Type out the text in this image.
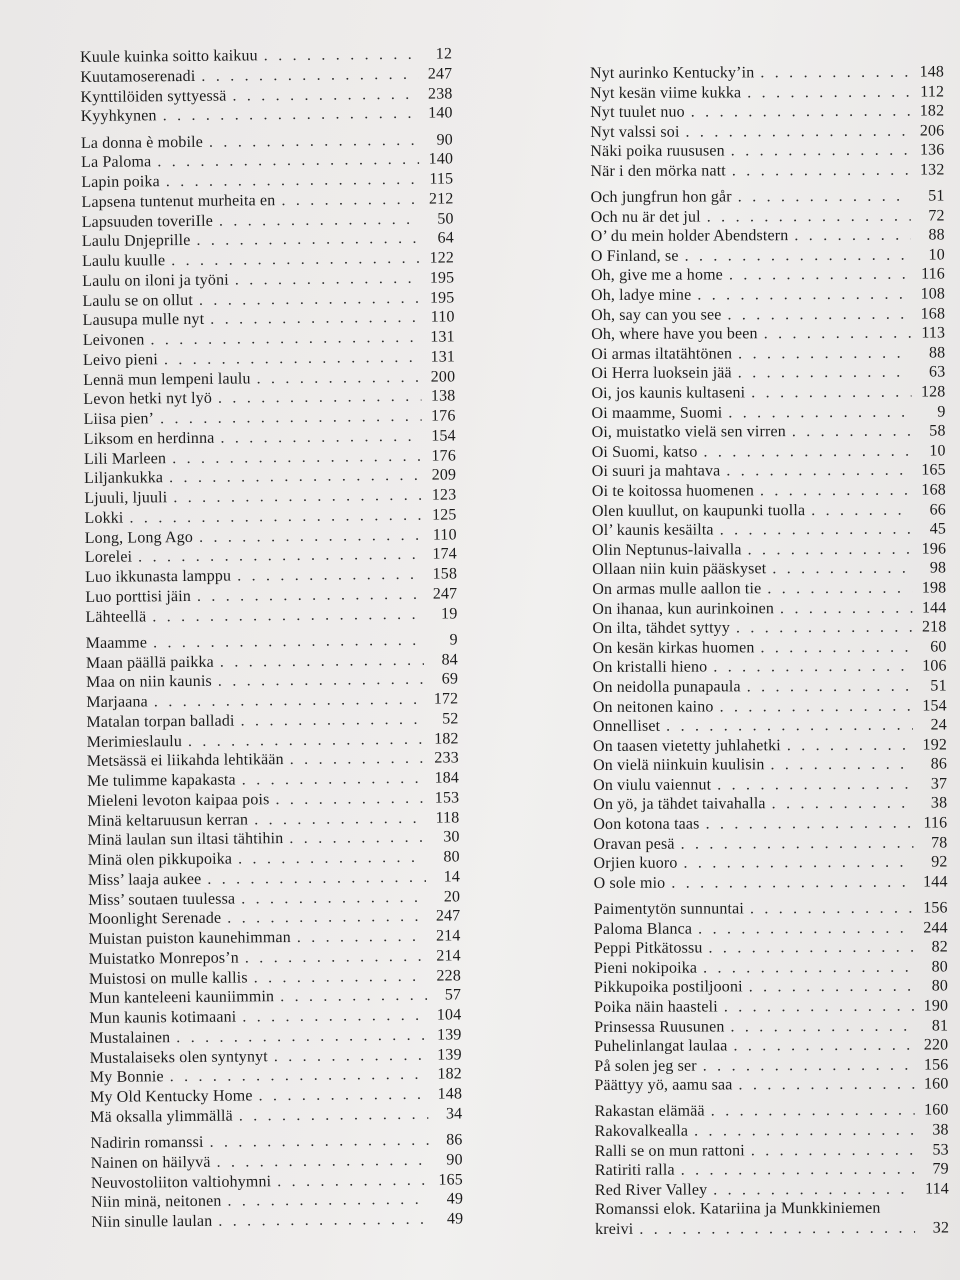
Kuule kuinka soitto kaikuu . . .	12
Kuutamoserenadi . . .	247
Kynttilöiden syttyessä . . .	238
Kyyhkynen . . .	140
La donna è mobile . . .	90
La Paloma . . .	140
Lapin poika . . .	115
Lapsena tuntenut murheita en . . .	212
Lapsuuden toveriIle . . .	50
Laulu Dnjeprille . . .	64
Laulu kuulle . . .	122
Laulu on iloni ja työni . . .	195
Laulu se on ollut . . .	195
Lausupa mulle nyt . . .	110
Leivonen . . .	131
Leivo pieni . . .	131
Lennä mun lempeni laulu . . .	200
Levon hetki nyt lyö . . .	138
Liisa pien’ . . .	176
Liksom en herdinna . . .	154
Lili Marleen . . .	176
Liljankukka . . .	209
Ljuuli, ljuuli . . .	123
Lokki . . .	125
Long, Long Ago . . .	110
Lorelei . . .	174
Luo ikkunasta lamppu . . .	158
Luo porttisi jäin . . .	247
Lähteellä . . .	19
Maamme . . .	9
Maan päällä paikka . . .	84
Maa on niin kaunis . . .	69
Marjaana . . .	172
Matalan torpan balladi . . .	52
Merimieslaulu . . .	182
Metsässä ei liikahda lehtikään . . .	233
Me tulimme kapakasta . . .	184
Mieleni levoton kaipaa pois . . .	153
Minä keltaruusun kerran . . .	118
Minä laulan sun iltasi tähtihin . . .	30
Minä olen pikkupoika . . .	80
Miss’ laaja aukee . . .	14
Miss’ soutaen tuulessa . . .	20
Moonlight Serenade . . .	247
Muistan puiston kaunehimman . . .	214
Muistatko Monrepos’n . . .	214
Muistosi on mulle kallis . . .	228
Mun kanteleeni kauniimmin . . .	57
Mun kaunis kotimaani . . .	104
Mustalainen . . .	139
Mustalaiseks olen syntynyt . . .	139
My Bonnie . . .	182
My Old Kentucky Home . . .	148
Mä oksalla ylimmällä . . .	34
Nadirin romanssi . . .	86
Nainen on häilyvä . . .	90
Neuvostoliiton valtiohymni . . .	165
Niin minä, neitonen . . .	49
Niin sinulle laulan . . .	49
Nyt aurinko Kentucky’in . . .	148
Nyt kesän viime kukka . . .	112
Nyt tuulet nuo . . .	182
Nyt valssi soi . . .	206
Näki poika ruususen . . .	136
När i den mörka natt . . .	132
Och jungfrun hon går . . .	51
Och nu är det jul . . .	72
O’ du mein holder Abendstern . . .	88
O Finland, se . . .	10
Oh, give me a home . . .	116
Oh, ladye mine . . .	108
Oh, say can you see . . .	168
Oh, where have you been . . .	113
Oi armas iltatähtönen . . .	88
Oi Herra luoksein jää . . .	63
Oi, jos kaunis kultaseni . . .	128
Oi maamme, Suomi . . .	9
Oi, muistatko vielä sen virren . . .	58
Oi Suomi, katso . . .	10
Oi suuri ja mahtava . . .	165
Oi te koitossa huomenen . . .	168
Olen kuullut, on kaupunki tuolla . . .	66
Ol’ kaunis kesäilta . . .	45
Olin Neptunus-laivalla . . .	196
Ollaan niin kuin pääskyset . . .	98
On armas mulle aallon tie . . .	198
On ihanaa, kun aurinkoinen . . .	144
On ilta, tähdet syttyy . . .	218
On kesän kirkas huomen . . .	60
On kristalli hieno . . .	106
On neidolla punapaula . . .	51
On neitonen kaino . . .	154
Onnelliset . . .	24
On taasen vietetty juhlahetki . . .	192
On vielä niinkuin kuulisin . . .	86
On viulu vaiennut . . .	37
On yö, ja tähdet taivahalla . . .	38
Oon kotona taas . . .	116
Oravan pesä . . .	78
Orjien kuoro . . .	92
O sole mio . . .	144
Paimentytön sunnuntai . . .	156
Paloma Blanca . . .	244
Peppi Pitkätossu . . .	82
Pieni nokipoika . . .	80
Pikkupoika postiljooni . . .	80
Poika näin haasteli . . .	190
Prinsessa Ruusunen . . .	81
Puhelinlangat laulaa . . .	220
På solen jeg ser . . .	156
Päättyy yö, aamu saa . . .	160
Rakastan elämää . . .	160
Rakovalkealla . . .	38
Ralli se on mun rattoni . . .	53
Ratiriti ralla . . .	79
Red River Valley . . .	114
Romanssi elok. Katariina ja Munkkiniemen
kreivi . . .	32
